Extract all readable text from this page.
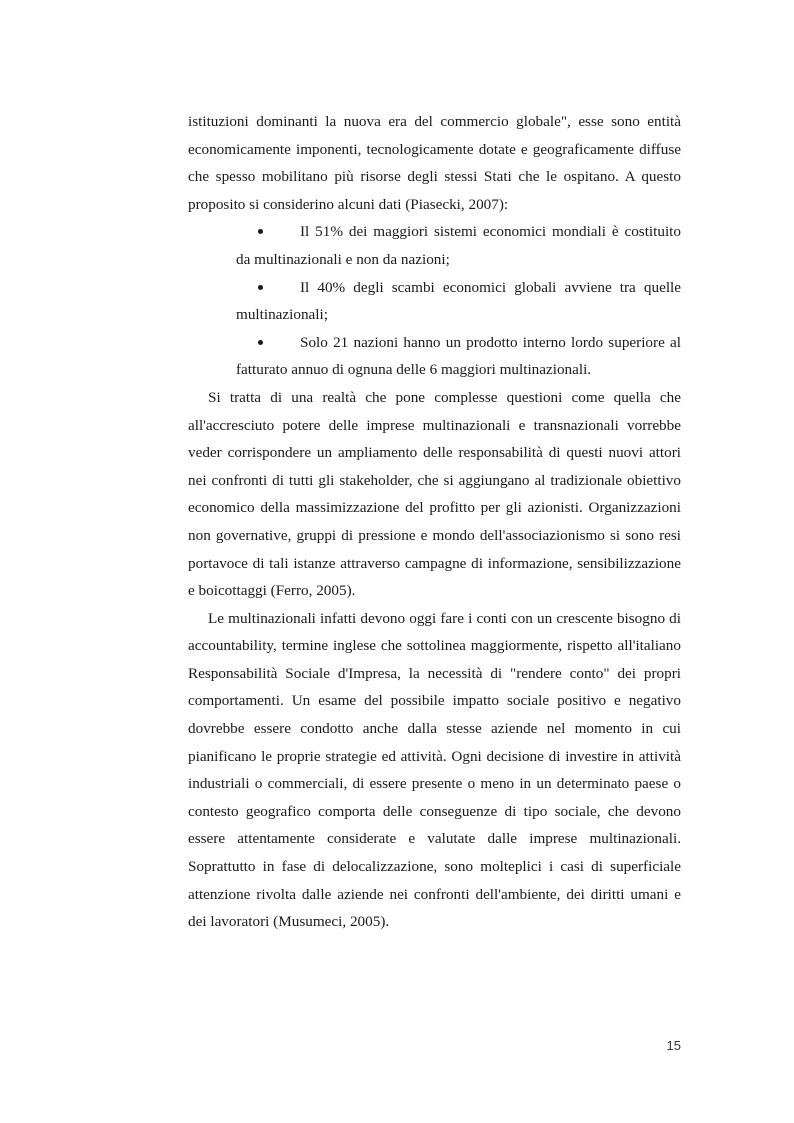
istituzioni dominanti la nuova era del commercio globale", esse sono entità economicamente imponenti, tecnologicamente dotate e geograficamente diffuse che spesso mobilitano più risorse degli stessi Stati che le ospitano. A questo proposito si considerino alcuni dati (Piasecki, 2007):

Il 51% dei maggiori sistemi economici mondiali è costituito da multinazionali e non da nazioni;
Il 40% degli scambi economici globali avviene tra quelle multinazionali;
Solo 21 nazioni hanno un prodotto interno lordo superiore al fatturato annuo di ognuna delle 6 maggiori multinazionali.

Si tratta di una realtà che pone complesse questioni come quella che all'accresciuto potere delle imprese multinazionali e transnazionali vorrebbe veder corrispondere un ampliamento delle responsabilità di questi nuovi attori nei confronti di tutti gli stakeholder, che si aggiungano al tradizionale obiettivo economico della massimizzazione del profitto per gli azionisti. Organizzazioni non governative, gruppi di pressione e mondo dell'associazionismo si sono resi portavoce di tali istanze attraverso campagne di informazione, sensibilizzazione e boicottaggi (Ferro, 2005).

Le multinazionali infatti devono oggi fare i conti con un crescente bisogno di accountability, termine inglese che sottolinea maggiormente, rispetto all'italiano Responsabilità Sociale d'Impresa, la necessità di "rendere conto" dei propri comportamenti. Un esame del possibile impatto sociale positivo e negativo dovrebbe essere condotto anche dalla stesse aziende nel momento in cui pianificano le proprie strategie ed attività. Ogni decisione di investire in attività industriali o commerciali, di essere presente o meno in un determinato paese o contesto geografico comporta delle conseguenze di tipo sociale, che devono essere attentamente considerate e valutate dalle imprese multinazionali. Soprattutto in fase di delocalizzazione, sono molteplici i casi di superficiale attenzione rivolta dalle aziende nei confronti dell'ambiente, dei diritti umani e dei lavoratori (Musumeci, 2005).

15
